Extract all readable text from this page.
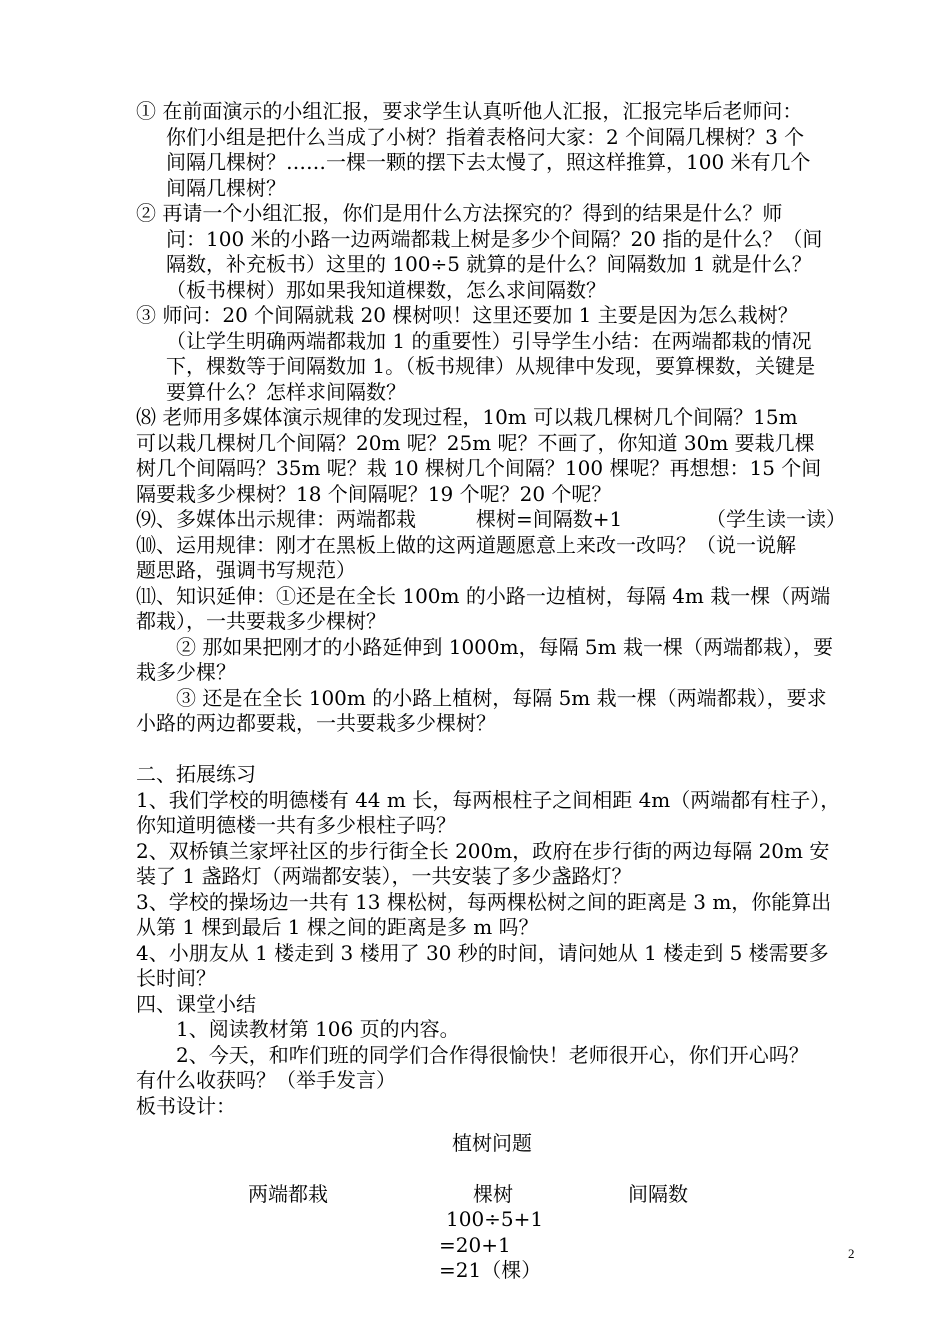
① 在前面演示的小组汇报，要求学生认真听他人汇报，汇报完毕后老师问：
你们小组是把什么当成了小树？指着表格问大家：2 个间隔几棵树？3 个
间隔几棵树？……一棵一颗的摆下去太慢了，照这样推算，100 米有几个
间隔几棵树？
② 再请一个小组汇报，你们是用什么方法探究的？得到的结果是什么？师
问：100 米的小路一边两端都栽上树是多少个间隔？20 指的是什么？（间
隔数，补充板书）这里的 100÷5 就算的是什么？间隔数加 1 就是什么？
（板书棵树）那如果我知道棵数，怎么求间隔数？
③ 师问：20 个间隔就栽 20 棵树呗！这里还要加 1 主要是因为怎么栽树？
（让学生明确两端都栽加 1 的重要性）引导学生小结：在两端都栽的情况
下，棵数等于间隔数加 1。（板书规律）从规律中发现，要算棵数，关键是
要算什么？怎样求间隔数？
⑻ 老师用多媒体演示规律的发现过程，10m 可以栽几棵树几个间隔？15m
可以栽几棵树几个间隔？20m 呢？25m 呢？不画了，你知道 30m 要栽几棵
树几个间隔吗？35m 呢？栽 10 棵树几个间隔？100 棵呢？再想想：15 个间
隔要栽多少棵树？18 个间隔呢？19 个呢？20 个呢？
⑼、多媒体出示规律：两端都栽	棵树=间隔数+1	（学生读一读）
⑽、运用规律：刚才在黑板上做的这两道题愿意上来改一改吗？（说一说解
题思路，强调书写规范）
⑾、知识延伸：①还是在全长 100m 的小路一边植树，每隔 4m 栽一棵（两端
都栽），一共要栽多少棵树？
② 那如果把刚才的小路延伸到 1000m，每隔 5m 栽一棵（两端都栽），要
栽多少棵？
③ 还是在全长 100m 的小路上植树，每隔 5m 栽一棵（两端都栽），要求
小路的两边都要栽，一共要栽多少棵树？
二、拓展练习
1、我们学校的明德楼有 44 m 长，每两根柱子之间相距 4m（两端都有柱子），
你知道明德楼一共有多少根柱子吗？
2、双桥镇兰家坪社区的步行街全长 200m，政府在步行街的两边每隔 20m 安
装了 1 盏路灯（两端都安装），一共安装了多少盏路灯？
3、学校的操场边一共有 13 棵松树，每两棵松树之间的距离是 3 m，你能算出
从第 1 棵到最后 1 棵之间的距离是多 m 吗？
4、小朋友从 1 楼走到 3 楼用了 30 秒的时间，请问她从 1 楼走到 5 楼需要多
长时间？
四、课堂小结
1、阅读教材第 106 页的内容。
2、今天，和咋们班的同学们合作得很愉快！老师很开心，你们开心吗？
有什么收获吗？（举手发言）
板书设计：
植树问题
两端都栽	棵树	间隔数
100÷5+1
=20+1
=21（棵）
2
